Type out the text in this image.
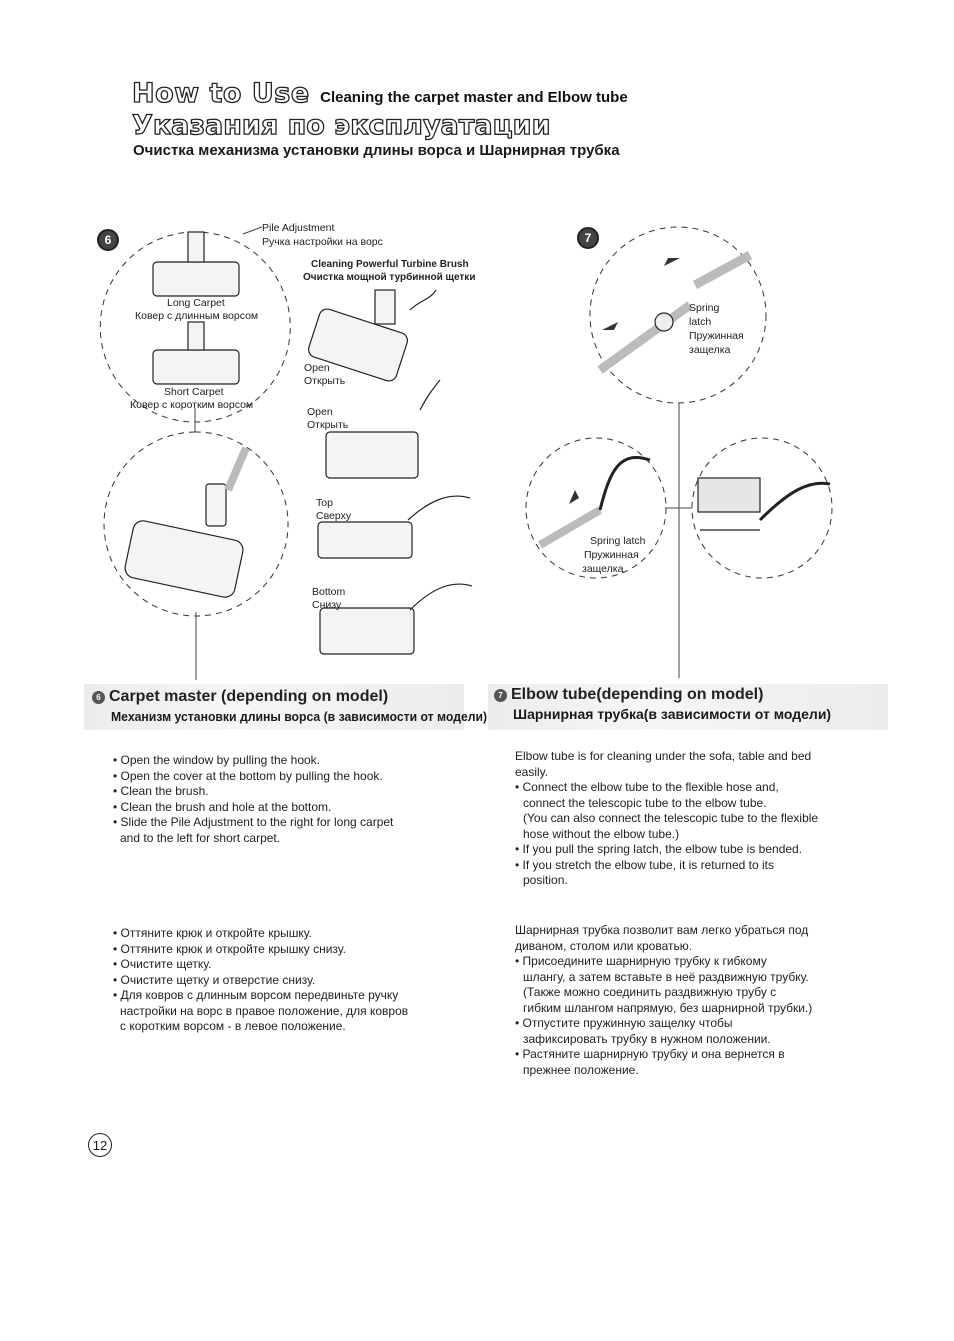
How to Use Cleaning the carpet master and Elbow tube
Указания по эксплуатации
Очистка механизма установки длины ворса и Шарнирная трубка
6	7
Pile Adjustment
Ручка настройки на ворс
Cleaning Powerful Turbine Brush
Очистка мощной турбинной щетки
Long Carpet
Ковер с длинным ворсом
Short Carpet
Ковер с коротким ворсом
Open
Открыть
Open
Открыть
Top
Сверху
Bottom
Снизу
Spring
latch
Пружинная
защелка
Spring latch
Пружинная
защелка
6 Carpet master (depending on model)
Механизм установки длины ворса (в зависимости от модели)
7 Elbow tube(depending on model)
Шарнирная трубка(в зависимости от модели)
• Open the window by pulling the hook.
• Open the cover at the bottom by pulling the hook.
• Clean the brush.
• Clean the brush and hole at the bottom.
• Slide the Pile Adjustment to the right for long carpet
and to the left for short carpet.
• Оттяните крюк и откройте крышку.
• Оттяните крюк и откройте крышку снизу.
• Очистите щетку.
• Очистите щетку и отверстие снизу.
• Для ковров с длинным ворсом передвиньте ручку
настройки на ворс в правое положение, для ковров
с коротким ворсом - в левое положение.
Elbow tube is for cleaning under the sofa, table and bed
easily.
• Connect the elbow tube to the flexible hose and,
connect the telescopic tube to the elbow tube.
(You can also connect the telescopic tube to the flexible
hose without the elbow tube.)
• If you pull the spring latch, the elbow tube is bended.
• If you stretch the elbow tube, it is returned to its
position.
Шарнирная трубка позволит вам легко убраться под
диваном, столом или кроватью.
• Присоедините шарнирную трубку к гибкому
шлангу, а затем вставьте в неё раздвижную трубку.
(Также можно соединить раздвижную трубу с
гибким шлангом напрямую, без шарнирной трубки.)
• Отпустите пружинную защелку чтобы
зафиксировать трубку в нужном положении.
• Растяните шарнирную трубку и она вернется в
прежнее положение.
12
